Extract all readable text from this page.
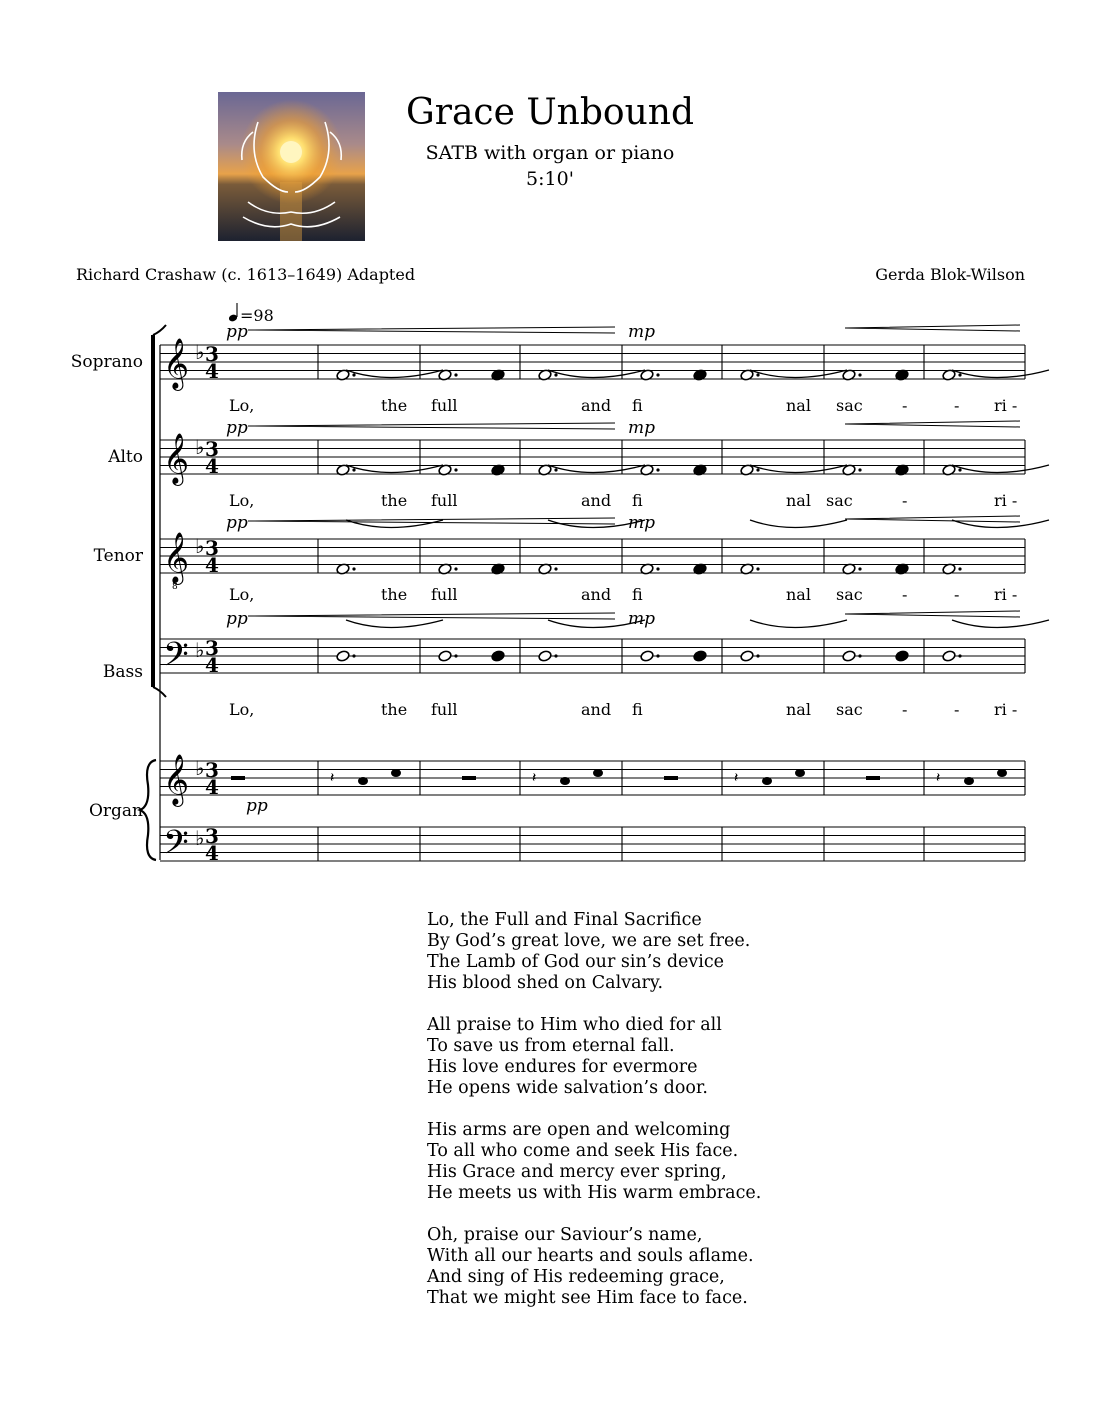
Grace Unbound
SATB with organ or piano
5:10'
Richard Crashaw (c. 1613–1649) Adapted	Gerda Blok-Wilson
=98
𝄞 ♭ 3
4
𝄞 ♭ 3
4
𝄞 ♭
8
3
4
𝄢 ♭ 3
4
𝄞 ♭ 3
4
𝄢 ♭ 3
4
𝄽	𝄽	𝄽	𝄽
Soprano
Alto
Tenor
Bass
Organ
pp	mp
pp	mp
pp	mp
pp	mp
pp
Lo,	the full	and fi	nal sac -	- ri -
Lo,	the full	and fi	nal sac	-	ri -
Lo,	the full	and fi	nal sac -	- ri -
Lo,	the full	and fi	nal sac -	- ri -
Lo, the Full and Final Sacrifice
By God’s great love, we are set free.
The Lamb of God our sin’s device
His blood shed on Calvary.
All praise to Him who died for all
To save us from eternal fall.
His love endures for evermore
He opens wide salvation’s door.
His arms are open and welcoming
To all who come and seek His face.
His Grace and mercy ever spring,
He meets us with His warm embrace.
Oh, praise our Saviour’s name,
With all our hearts and souls aflame.
And sing of His redeeming grace,
That we might see Him face to face.
